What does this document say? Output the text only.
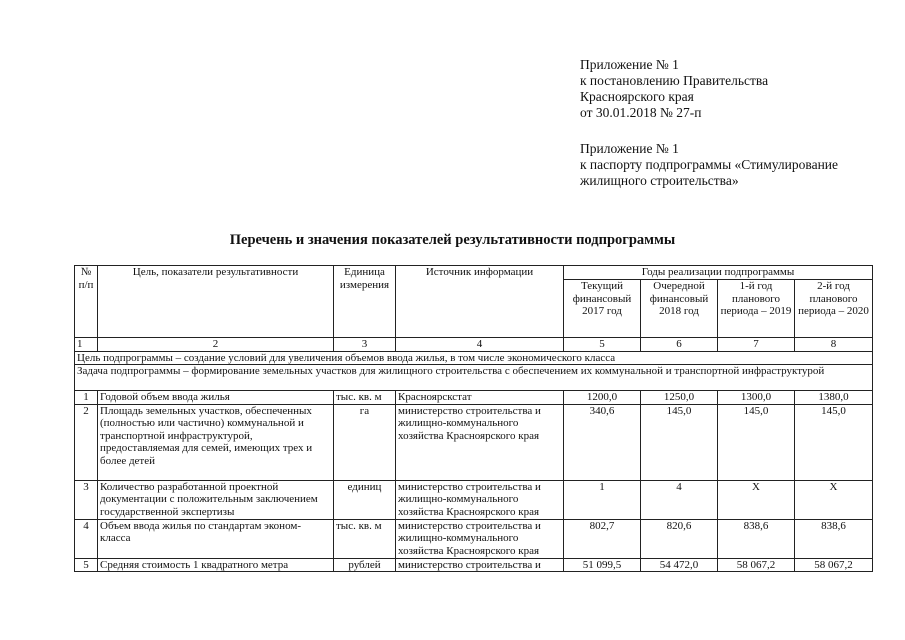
Приложение № 1
к постановлению Правительства
Красноярского края
от 30.01.2018 № 27-п
Приложение № 1
к паспорту подпрограммы «Стимулирование
жилищного строительства»
Перечень и значения показателей результативности подпрограммы
№ п/п	Цель, показатели результативности	Единица измерения	Источник информации	Годы реализации подпрограммы			
				Текущий финансовый 2017 год	Очередной финансовый 2018 год	1-й год планового периода – 2019	2-й год планового периода – 2020
1	2	3	4	5	6	7	8
Цель подпрограммы – создание условий для увеличения объемов ввода жилья, в том числе экономического класса							
Задача подпрограммы – формирование земельных участков для жилищного строительства с обеспечением их коммунальной и транспортной инфраструктурой							
1	Годовой объем ввода жилья	тыс. кв. м	Красноярскстат	1200,0	1250,0	1300,0	1380,0
2	Площадь земельных участков, обеспеченных (полностью или частично) коммунальной и транспортной инфраструктурой, предоставляемая для семей, имеющих трех и более детей	га	министерство строительства и жилищно-коммунального хозяйства Красноярского края	340,6	145,0	145,0	145,0
3	Количество разработанной проектной документации с положительным заключением государственной экспертизы	единиц	министерство строительства и жилищно-коммунального хозяйства Красноярского края	1	4	X	X
4	Объем ввода жилья по стандартам эконом-класса	тыс. кв. м	министерство строительства и жилищно-коммунального хозяйства Красноярского края	802,7	820,6	838,6	838,6
5	Средняя стоимость 1 квадратного метра	рублей	министерство строительства и	51 099,5	54 472,0	58 067,2	58 067,2
